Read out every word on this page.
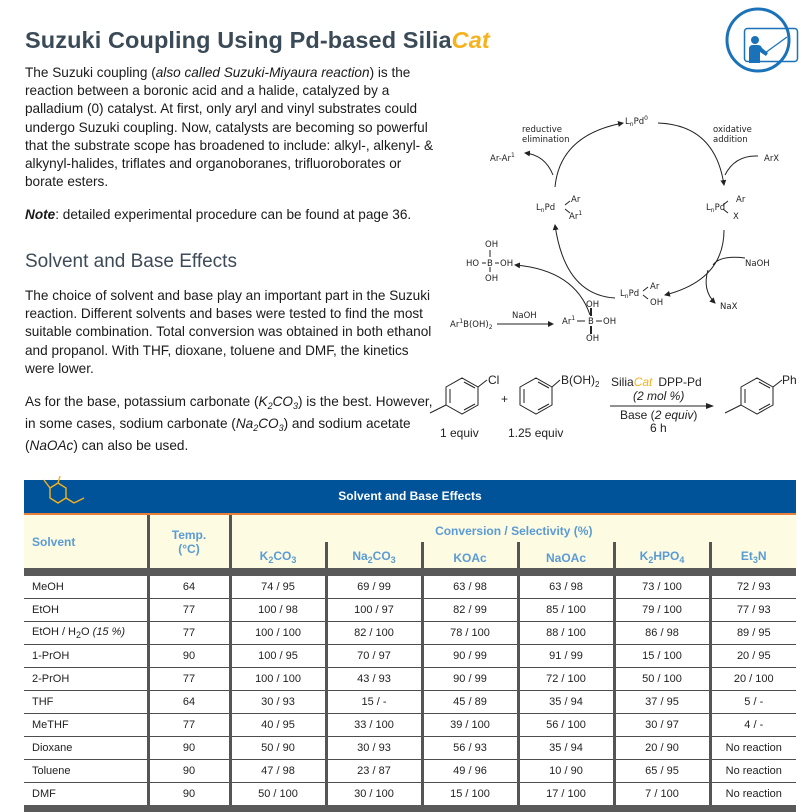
Suzuki Coupling Using Pd-based SiliaCat
The Suzuki coupling (also called Suzuki-Miyaura reaction) is the reaction between a boronic acid and a halide, catalyzed by a palladium (0) catalyst. At first, only aryl and vinyl substrates could undergo Suzuki coupling. Now, catalysts are becoming so powerful that the substrate scope has broadened to include: alkyl-, alkenyl- & alkynyl-halides, triflates and organoboranes, trifluoroborates or borate esters.
Note: detailed experimental procedure can be found at page 36.
Solvent and Base Effects
The choice of solvent and base play an important part in the Suzuki reaction. Different solvents and bases were tested to find the most suitable combination. Total conversion was obtained in both ethanol and propanol. With THF, dioxane, toluene and DMF, the kinetics were lower.
As for the base, potassium carbonate $(K_2CO_3)$ is the best. However, in some cases, sodium carbonate $(Na_2CO_3)$ and sodium acetate (NaOAc) can also be used.
$L_nPd^0$
reductive
elimination
oxidative
addition
Ar-Ar$^1$	ArX
$L_nPd$
Ar
Ar$^1$
$L_nPd$
Ar
X
NaOH
NaX
$L_nPd$
Ar
OH
OH
HO B OH
OH
$Ar^1B(OH)_2$
NaOH
OH
Ar$^1$ B OH
OH
Cl
+
$B(OH)_2$
1 equiv 1.25 equiv
SiliaCat DPP-Pd
(2 mol %)
Base (2 equiv)
6 h
Ph
Solvent and Base Effects
Solvent	Temp.
(°C)	Conversion / Selectivity (%)					
		$K_2CO_3$	$Na_2CO_3$	KOAc	NaOAc	$K_2HPO_4$	$Et_3N$
MeOH	64	74 / 95	69 / 99	63 / 98	63 / 98	73 / 100	72 / 93
EtOH	77	100 / 98	100 / 97	82 / 99	85 / 100	79 / 100	77 / 93
EtOH / $H_2O$ (15 %)	77	100 / 100	82 / 100	78 / 100	88 / 100	86 / 98	89 / 95
1-PrOH	90	100 / 95	70 / 97	90 / 99	91 / 99	15 / 100	20 / 95
2-PrOH	77	100 / 100	43 / 93	90 / 99	72 / 100	50 / 100	20 / 100
THF	64	30 / 93	15 / -	45 / 89	35 / 94	37 / 95	5 / -
MeTHF	77	40 / 95	33 / 100	39 / 100	56 / 100	30 / 97	4 / -
Dioxane	90	50 / 90	30 / 93	56 / 93	35 / 94	20 / 90	No reaction
Toluene	90	47 / 98	23 / 87	49 / 96	10 / 90	65 / 95	No reaction
DMF	90	50 / 100	30 / 100	15 / 100	17 / 100	7 / 100	No reaction
